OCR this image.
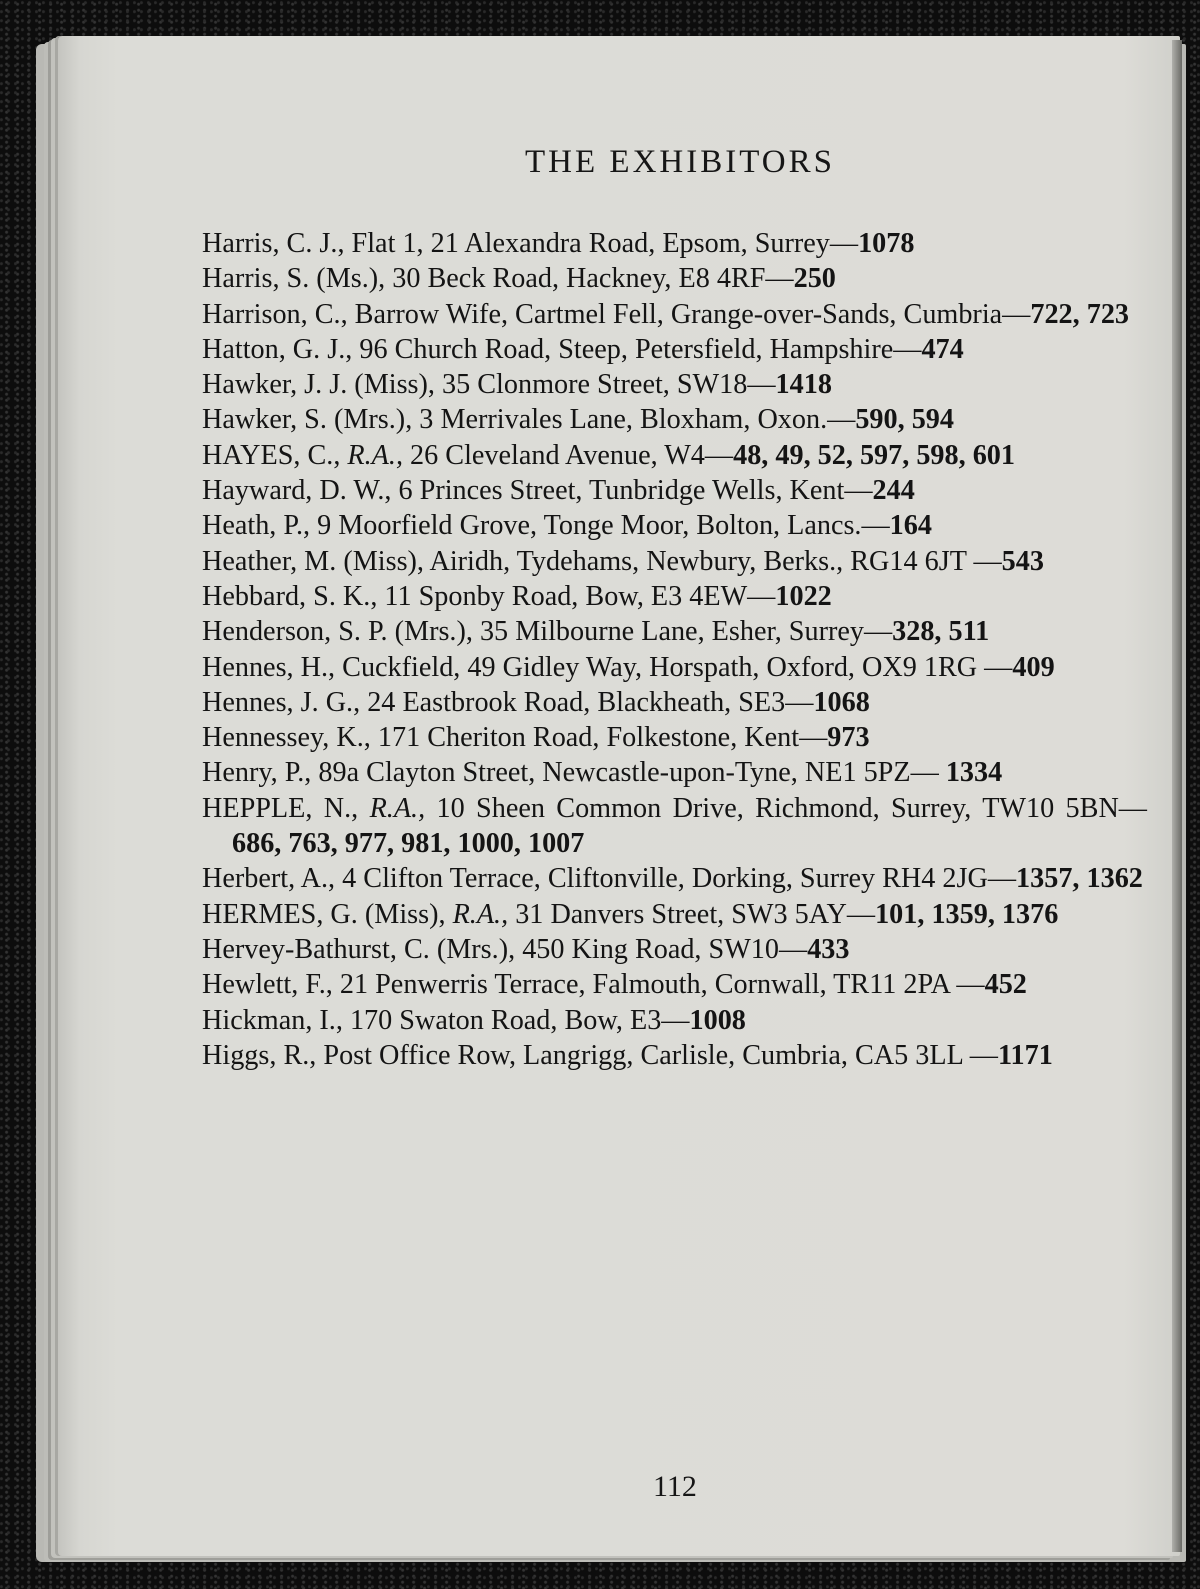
THE EXHIBITORS
Harris, C. J., Flat 1, 21 Alexandra Road, Epsom, Surrey—1078
Harris, S. (Ms.), 30 Beck Road, Hackney, E8 4RF—250
Harrison, C., Barrow Wife, Cartmel Fell, Grange-over-Sands, Cumbria—722, 723
Hatton, G. J., 96 Church Road, Steep, Petersfield, Hampshire—474
Hawker, J. J. (Miss), 35 Clonmore Street, SW18—1418
Hawker, S. (Mrs.), 3 Merrivales Lane, Bloxham, Oxon.—590, 594
HAYES, C., R.A., 26 Cleveland Avenue, W4—48, 49, 52, 597, 598, 601
Hayward, D. W., 6 Princes Street, Tunbridge Wells, Kent—244
Heath, P., 9 Moorfield Grove, Tonge Moor, Bolton, Lancs.—164
Heather, M. (Miss), Airidh, Tydehams, Newbury, Berks., RG14 6JT —543
Hebbard, S. K., 11 Sponby Road, Bow, E3 4EW—1022
Henderson, S. P. (Mrs.), 35 Milbourne Lane, Esher, Surrey—328, 511
Hennes, H., Cuckfield, 49 Gidley Way, Horspath, Oxford, OX9 1RG —409
Hennes, J. G., 24 Eastbrook Road, Blackheath, SE3—1068
Hennessey, K., 171 Cheriton Road, Folkestone, Kent—973
Henry, P., 89a Clayton Street, Newcastle-upon-Tyne, NE1 5PZ— 1334
HEPPLE, N., R.A., 10 Sheen Common Drive, Richmond, Surrey, TW10 5BN—686, 763, 977, 981, 1000, 1007
Herbert, A., 4 Clifton Terrace, Cliftonville, Dorking, Surrey RH4 2JG—1357, 1362
HERMES, G. (Miss), R.A., 31 Danvers Street, SW3 5AY—101, 1359, 1376
Hervey-Bathurst, C. (Mrs.), 450 King Road, SW10—433
Hewlett, F., 21 Penwerris Terrace, Falmouth, Cornwall, TR11 2PA —452
Hickman, I., 170 Swaton Road, Bow, E3—1008
Higgs, R., Post Office Row, Langrigg, Carlisle, Cumbria, CA5 3LL —1171
112
